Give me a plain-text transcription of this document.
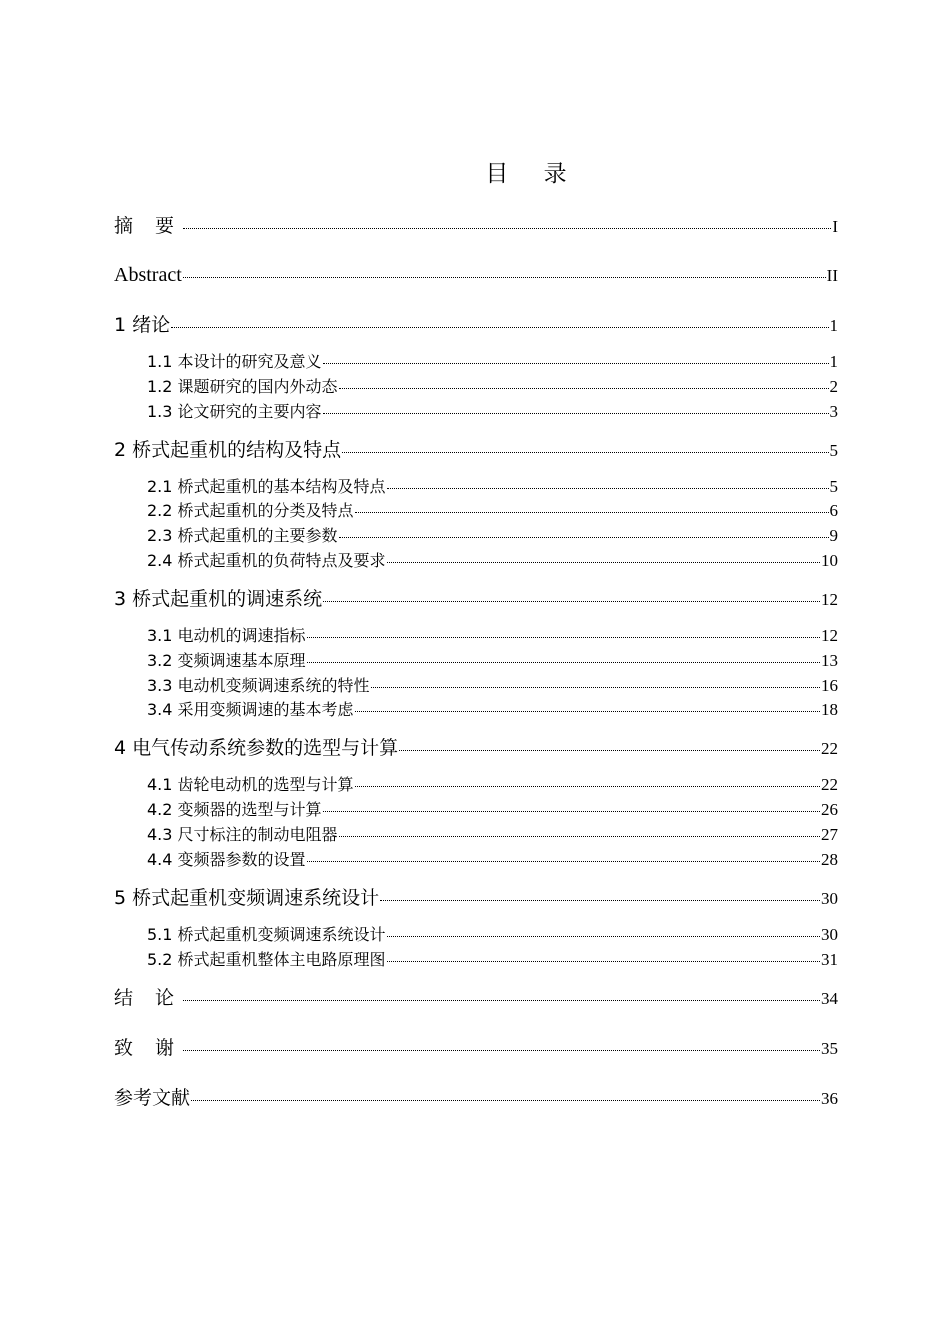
目 录
摘 要	I
Abstract	II
1 绪论	1
1.1 本设计的研究及意义	1
1.2 课题研究的国内外动态	2
1.3 论文研究的主要内容	3
2 桥式起重机的结构及特点	5
2.1 桥式起重机的基本结构及特点	5
2.2 桥式起重机的分类及特点	6
2.3 桥式起重机的主要参数	9
2.4 桥式起重机的负荷特点及要求	10
3 桥式起重机的调速系统	12
3.1 电动机的调速指标	12
3.2 变频调速基本原理	13
3.3 电动机变频调速系统的特性	16
3.4 采用变频调速的基本考虑	18
4 电气传动系统参数的选型与计算	22
4.1 齿轮电动机的选型与计算	22
4.2 变频器的选型与计算	26
4.3 尺寸标注的制动电阻器	27
4.4 变频器参数的设置	28
5 桥式起重机变频调速系统设计	30
5.1 桥式起重机变频调速系统设计	30
5.2 桥式起重机整体主电路原理图	31
结 论	34
致 谢	35
参考文献	36
